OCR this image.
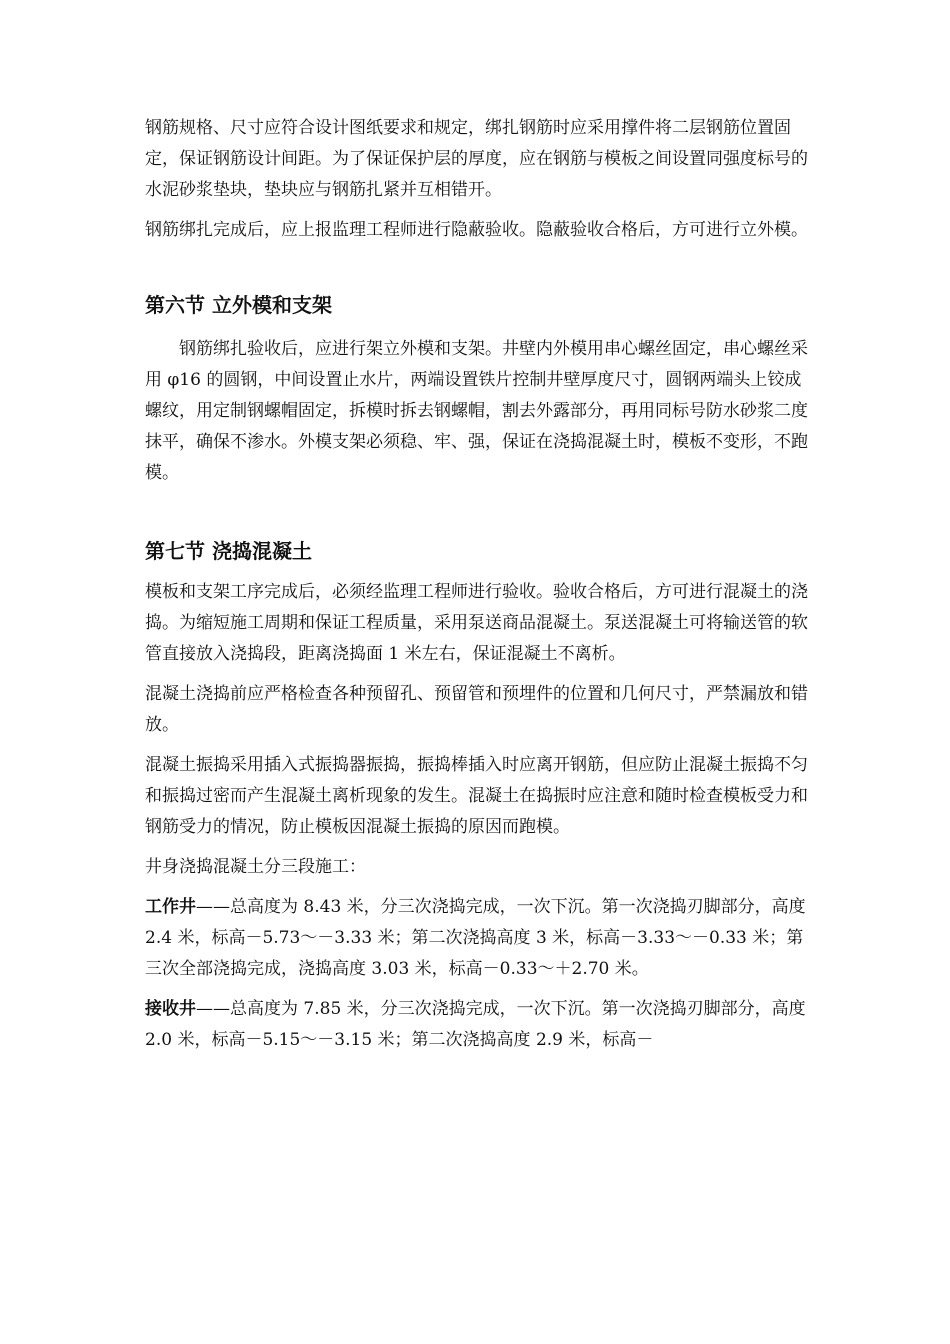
钢筋规格、尺寸应符合设计图纸要求和规定，绑扎钢筋时应采用撑件将二层钢筋位置固定，保证钢筋设计间距。为了保证保护层的厚度，应在钢筋与模板之间设置同强度标号的水泥砂浆垫块，垫块应与钢筋扎紧并互相错开。

钢筋绑扎完成后，应上报监理工程师进行隐蔽验收。隐蔽验收合格后，方可进行立外模。

第六节 立外模和支架

钢筋绑扎验收后，应进行架立外模和支架。井壁内外模用串心螺丝固定，串心螺丝采用 φ16 的圆钢，中间设置止水片，两端设置铁片控制井壁厚度尺寸，圆钢两端头上铰成螺纹，用定制钢螺帽固定，拆模时拆去钢螺帽，割去外露部分，再用同标号防水砂浆二度抹平，确保不渗水。外模支架必须稳、牢、强，保证在浇捣混凝土时，模板不变形，不跑模。

第七节 浇捣混凝土

模板和支架工序完成后，必须经监理工程师进行验收。验收合格后，方可进行混凝土的浇捣。为缩短施工周期和保证工程质量，采用泵送商品混凝土。泵送混凝土可将输送管的软管直接放入浇捣段，距离浇捣面 1 米左右，保证混凝土不离析。

混凝土浇捣前应严格检查各种预留孔、预留管和预埋件的位置和几何尺寸，严禁漏放和错放。

混凝土振捣采用插入式振捣器振捣，振捣棒插入时应离开钢筋，但应防止混凝土振捣不匀和振捣过密而产生混凝土离析现象的发生。混凝土在捣振时应注意和随时检查模板受力和钢筋受力的情况，防止模板因混凝土振捣的原因而跑模。

井身浇捣混凝土分三段施工：

工作井——总高度为 8.43 米，分三次浇捣完成，一次下沉。第一次浇捣刃脚部分，高度 2.4 米，标高－5.73～－3.33 米；第二次浇捣高度 3 米，标高－3.33～－0.33 米；第三次全部浇捣完成，浇捣高度 3.03 米，标高－0.33～＋2.70 米。

接收井——总高度为 7.85 米，分三次浇捣完成，一次下沉。第一次浇捣刃脚部分，高度 2.0 米，标高－5.15～－3.15 米；第二次浇捣高度 2.9 米，标高－
